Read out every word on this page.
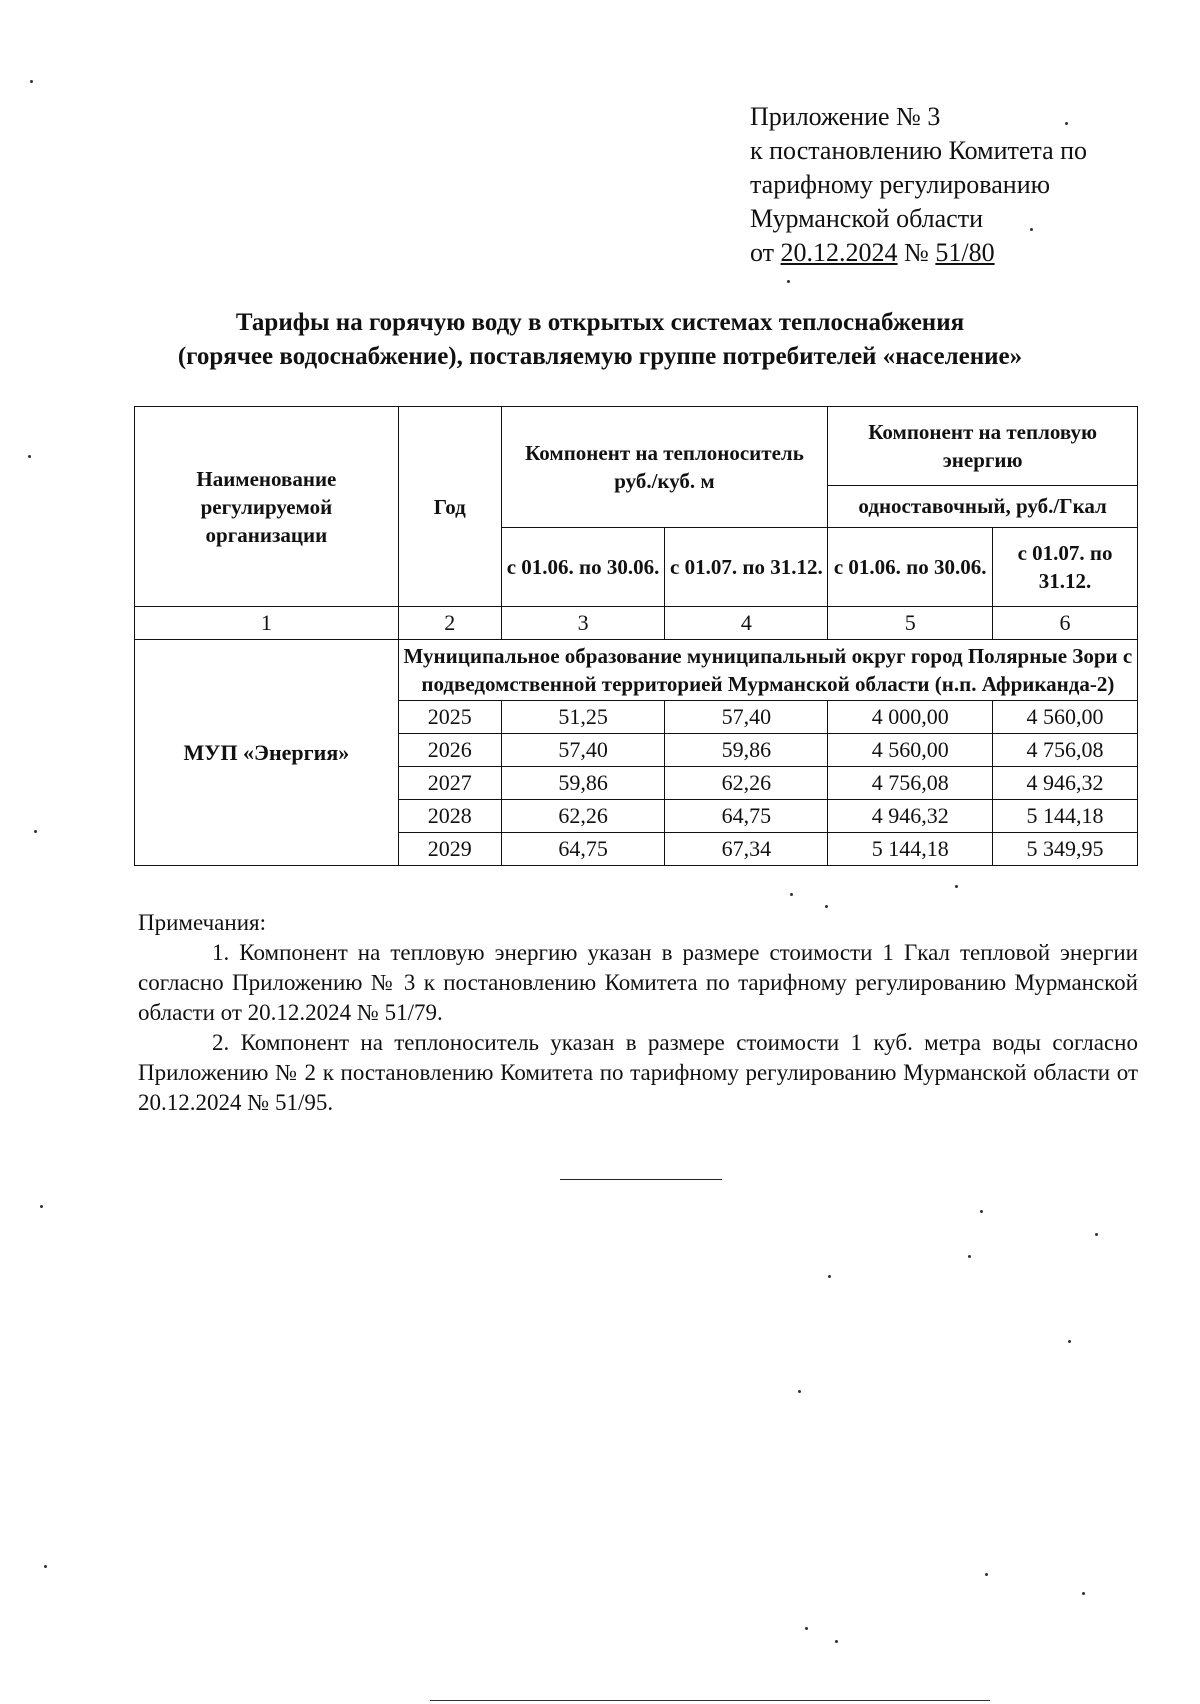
Приложение № 3
к постановлению Комитета по
тарифному регулированию
Мурманской области
от 20.12.2024 № 51/80
Тарифы на горячую воду в открытых системах теплоснабжения
(горячее водоснабжение), поставляемую группе потребителей «население»
Наименование регулируемой организации	Год	Компонент на теплоноситель руб./куб. м		Компонент на тепловую энергию	
				одноставочный, руб./Гкал	
		с 01.06. по 30.06.	с 01.07. по 31.12.	с 01.06. по 30.06.	с 01.07. по 31.12.
1	2	3	4	5	6
МУП «Энергия»	Муниципальное образование муниципальный округ город Полярные Зори с подведомственной территорией Мурманской области (н.п. Африканда-2)				
	2025	51,25	57,40	4 000,00	4 560,00
	2026	57,40	59,86	4 560,00	4 756,08
	2027	59,86	62,26	4 756,08	4 946,32
	2028	62,26	64,75	4 946,32	5 144,18
	2029	64,75	67,34	5 144,18	5 349,95

Примечания:

1. Компонент на тепловую энергию указан в размере стоимости 1 Гкал тепловой энергии согласно Приложению № 3 к постановлению Комитета по тарифному регулированию Мурманской области от 20.12.2024 № 51/79.

2. Компонент на теплоноситель указан в размере стоимости 1 куб. метра воды согласно Приложению № 2 к постановлению Комитета по тарифному регулированию Мурманской области от 20.12.2024 № 51/95.
